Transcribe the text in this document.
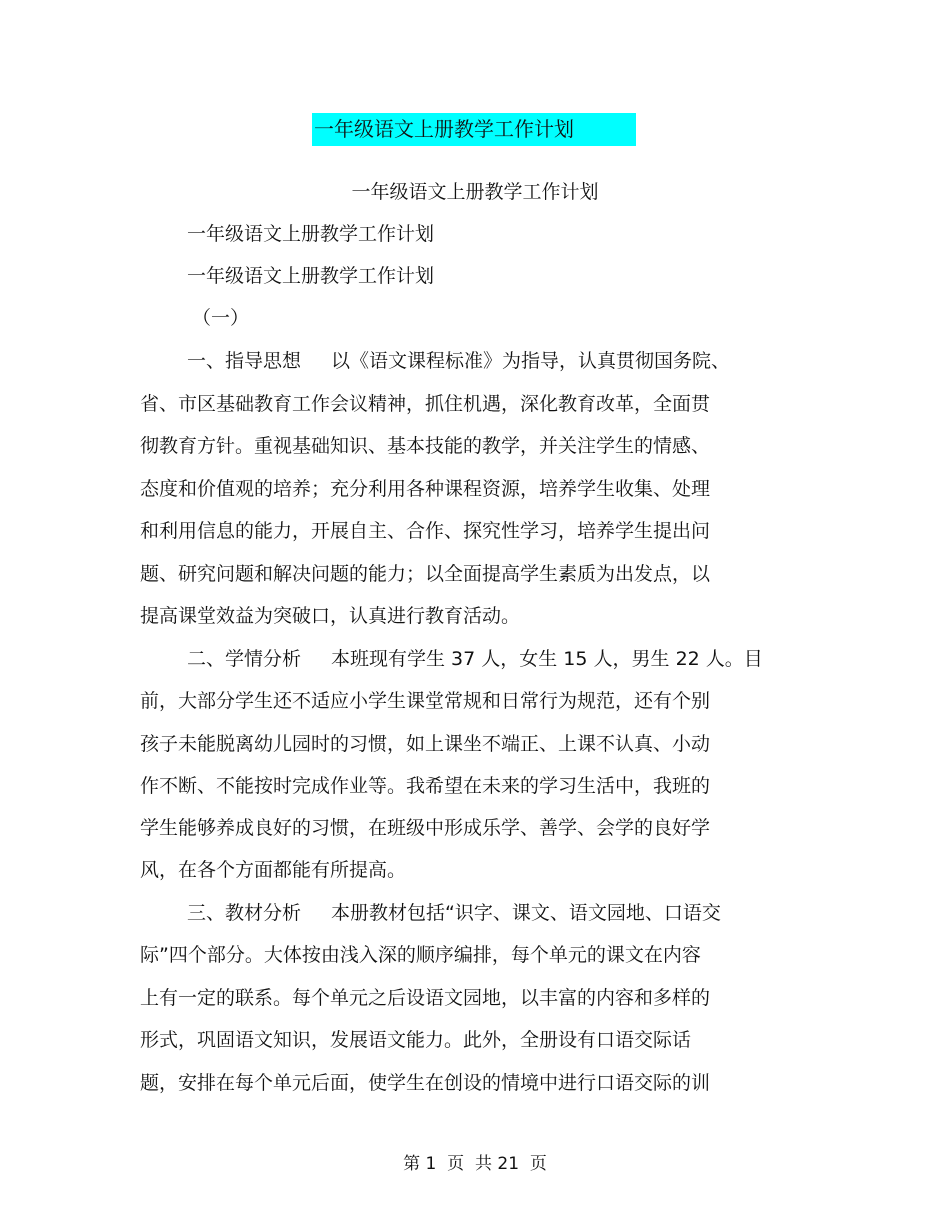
一年级语文上册教学工作计划
一年级语文上册教学工作计划
一年级语文上册教学工作计划
一年级语文上册教学工作计划
（一）
一、指导思想 以《语文课程标准》为指导，认真贯彻国务院、
省、市区基础教育工作会议精神，抓住机遇，深化教育改革，全面贯
彻教育方针。重视基础知识、基本技能的教学，并关注学生的情感、
态度和价值观的培养；充分利用各种课程资源，培养学生收集、处理
和利用信息的能力，开展自主、合作、探究性学习，培养学生提出问
题、研究问题和解决问题的能力；以全面提高学生素质为出发点，以
提高课堂效益为突破口，认真进行教育活动。
二、学情分析 本班现有学生 37 人，女生 15 人，男生 22 人。目
前，大部分学生还不适应小学生课堂常规和日常行为规范，还有个别
孩子未能脱离幼儿园时的习惯，如上课坐不端正、上课不认真、小动
作不断、不能按时完成作业等。我希望在未来的学习生活中，我班的
学生能够养成良好的习惯，在班级中形成乐学、善学、会学的良好学
风，在各个方面都能有所提高。
三、教材分析 本册教材包括“识字、课文、语文园地、口语交
际”四个部分。大体按由浅入深的顺序编排，每个单元的课文在内容
上有一定的联系。每个单元之后设语文园地，以丰富的内容和多样的
形式，巩固语文知识，发展语文能力。此外，全册设有口语交际话
题，安排在每个单元后面，使学生在创设的情境中进行口语交际的训
第 1  页  共 21  页
